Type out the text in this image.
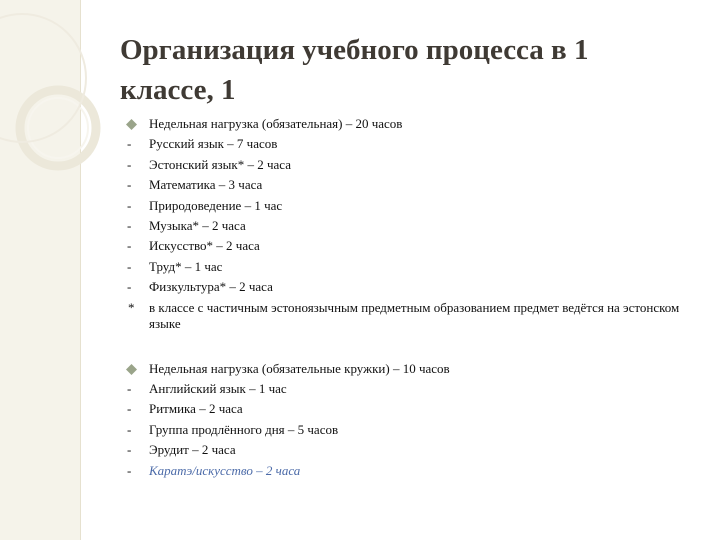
Организация учебного процесса в 1 классе, 1
Недельная нагрузка (обязательная) – 20 часов
- Русский язык – 7 часов
- Эстонский язык* – 2 часа
- Математика – 3 часа
- Природоведение – 1 час
- Музыка* – 2 часа
- Искусство* – 2 часа
- Труд* – 1 час
- Физкультура* – 2 часа
* в классе с частичным эстоноязычным предметным образованием предмет ведётся на эстонском языке
Недельная нагрузка (обязательные кружки) – 10 часов
- Английский язык – 1 час
- Ритмика – 2 часа
- Группа продлённого дня – 5 часов
- Эрудит – 2 часа
- Каратэ/искусство – 2 часа
